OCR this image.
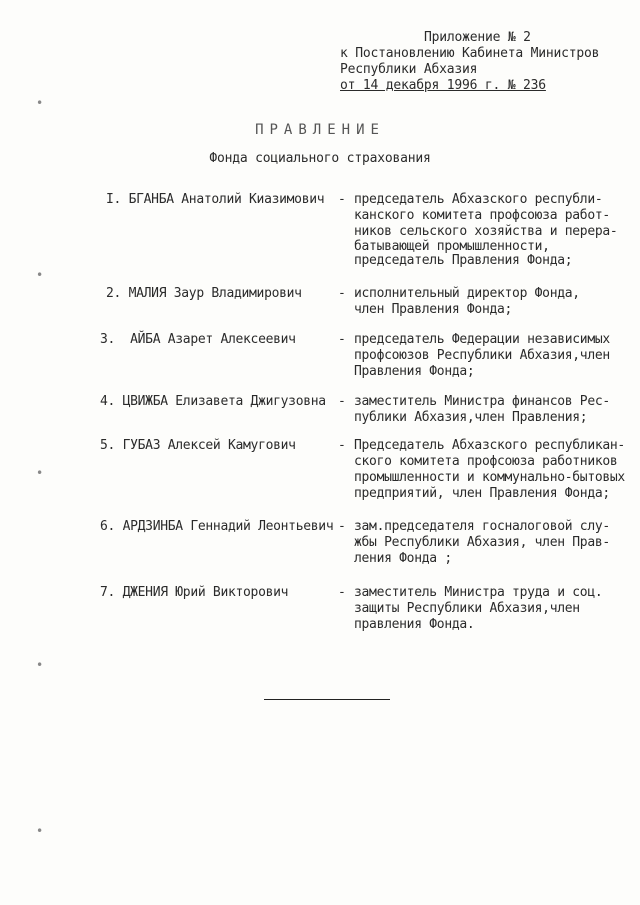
Приложение № 2
к Постановлению Кабинета Министров
Республики Абхазия
от 14 декабря 1996 г. № 236
ПРАВЛЕНИЕ
Фонда социального страхования
I. БГАНБА Анатолий Киазимович - председатель Абхазского республи-
канского комитета профсоюза работ-
ников сельского хозяйства и перера-
батывающей промышленности,
председатель Правления Фонда;
2. МАЛИЯ Заур Владимирович	- исполнительный директор Фонда,
член Правления Фонда;
3. АЙБА Азарет Алексеевич	- председатель Федерации независимых
профсоюзов Республики Абхазия,член
Правления Фонда;
4. ЦВИЖБА Елизавета Джигузовна - заместитель Министра финансов Рес-
публики Абхазия,член Правления;
5. ГУБАЗ Алексей Камугович	- Председатель Абхазского республикан-
ского комитета профсоюза работников
промышленности и коммунально-бытовых
предприятий, член Правления Фонда;
6. АРДЗИНБА Геннадий Леонтьевич - зам.председателя госналоговой слу-
жбы Республики Абхазия, член Прав-
ления Фонда ;
7. ДЖЕНИЯ Юрий Викторович	- заместитель Министра труда и соц.
защиты Республики Абхазия,член
правления Фонда.
•
•
•
•
•
